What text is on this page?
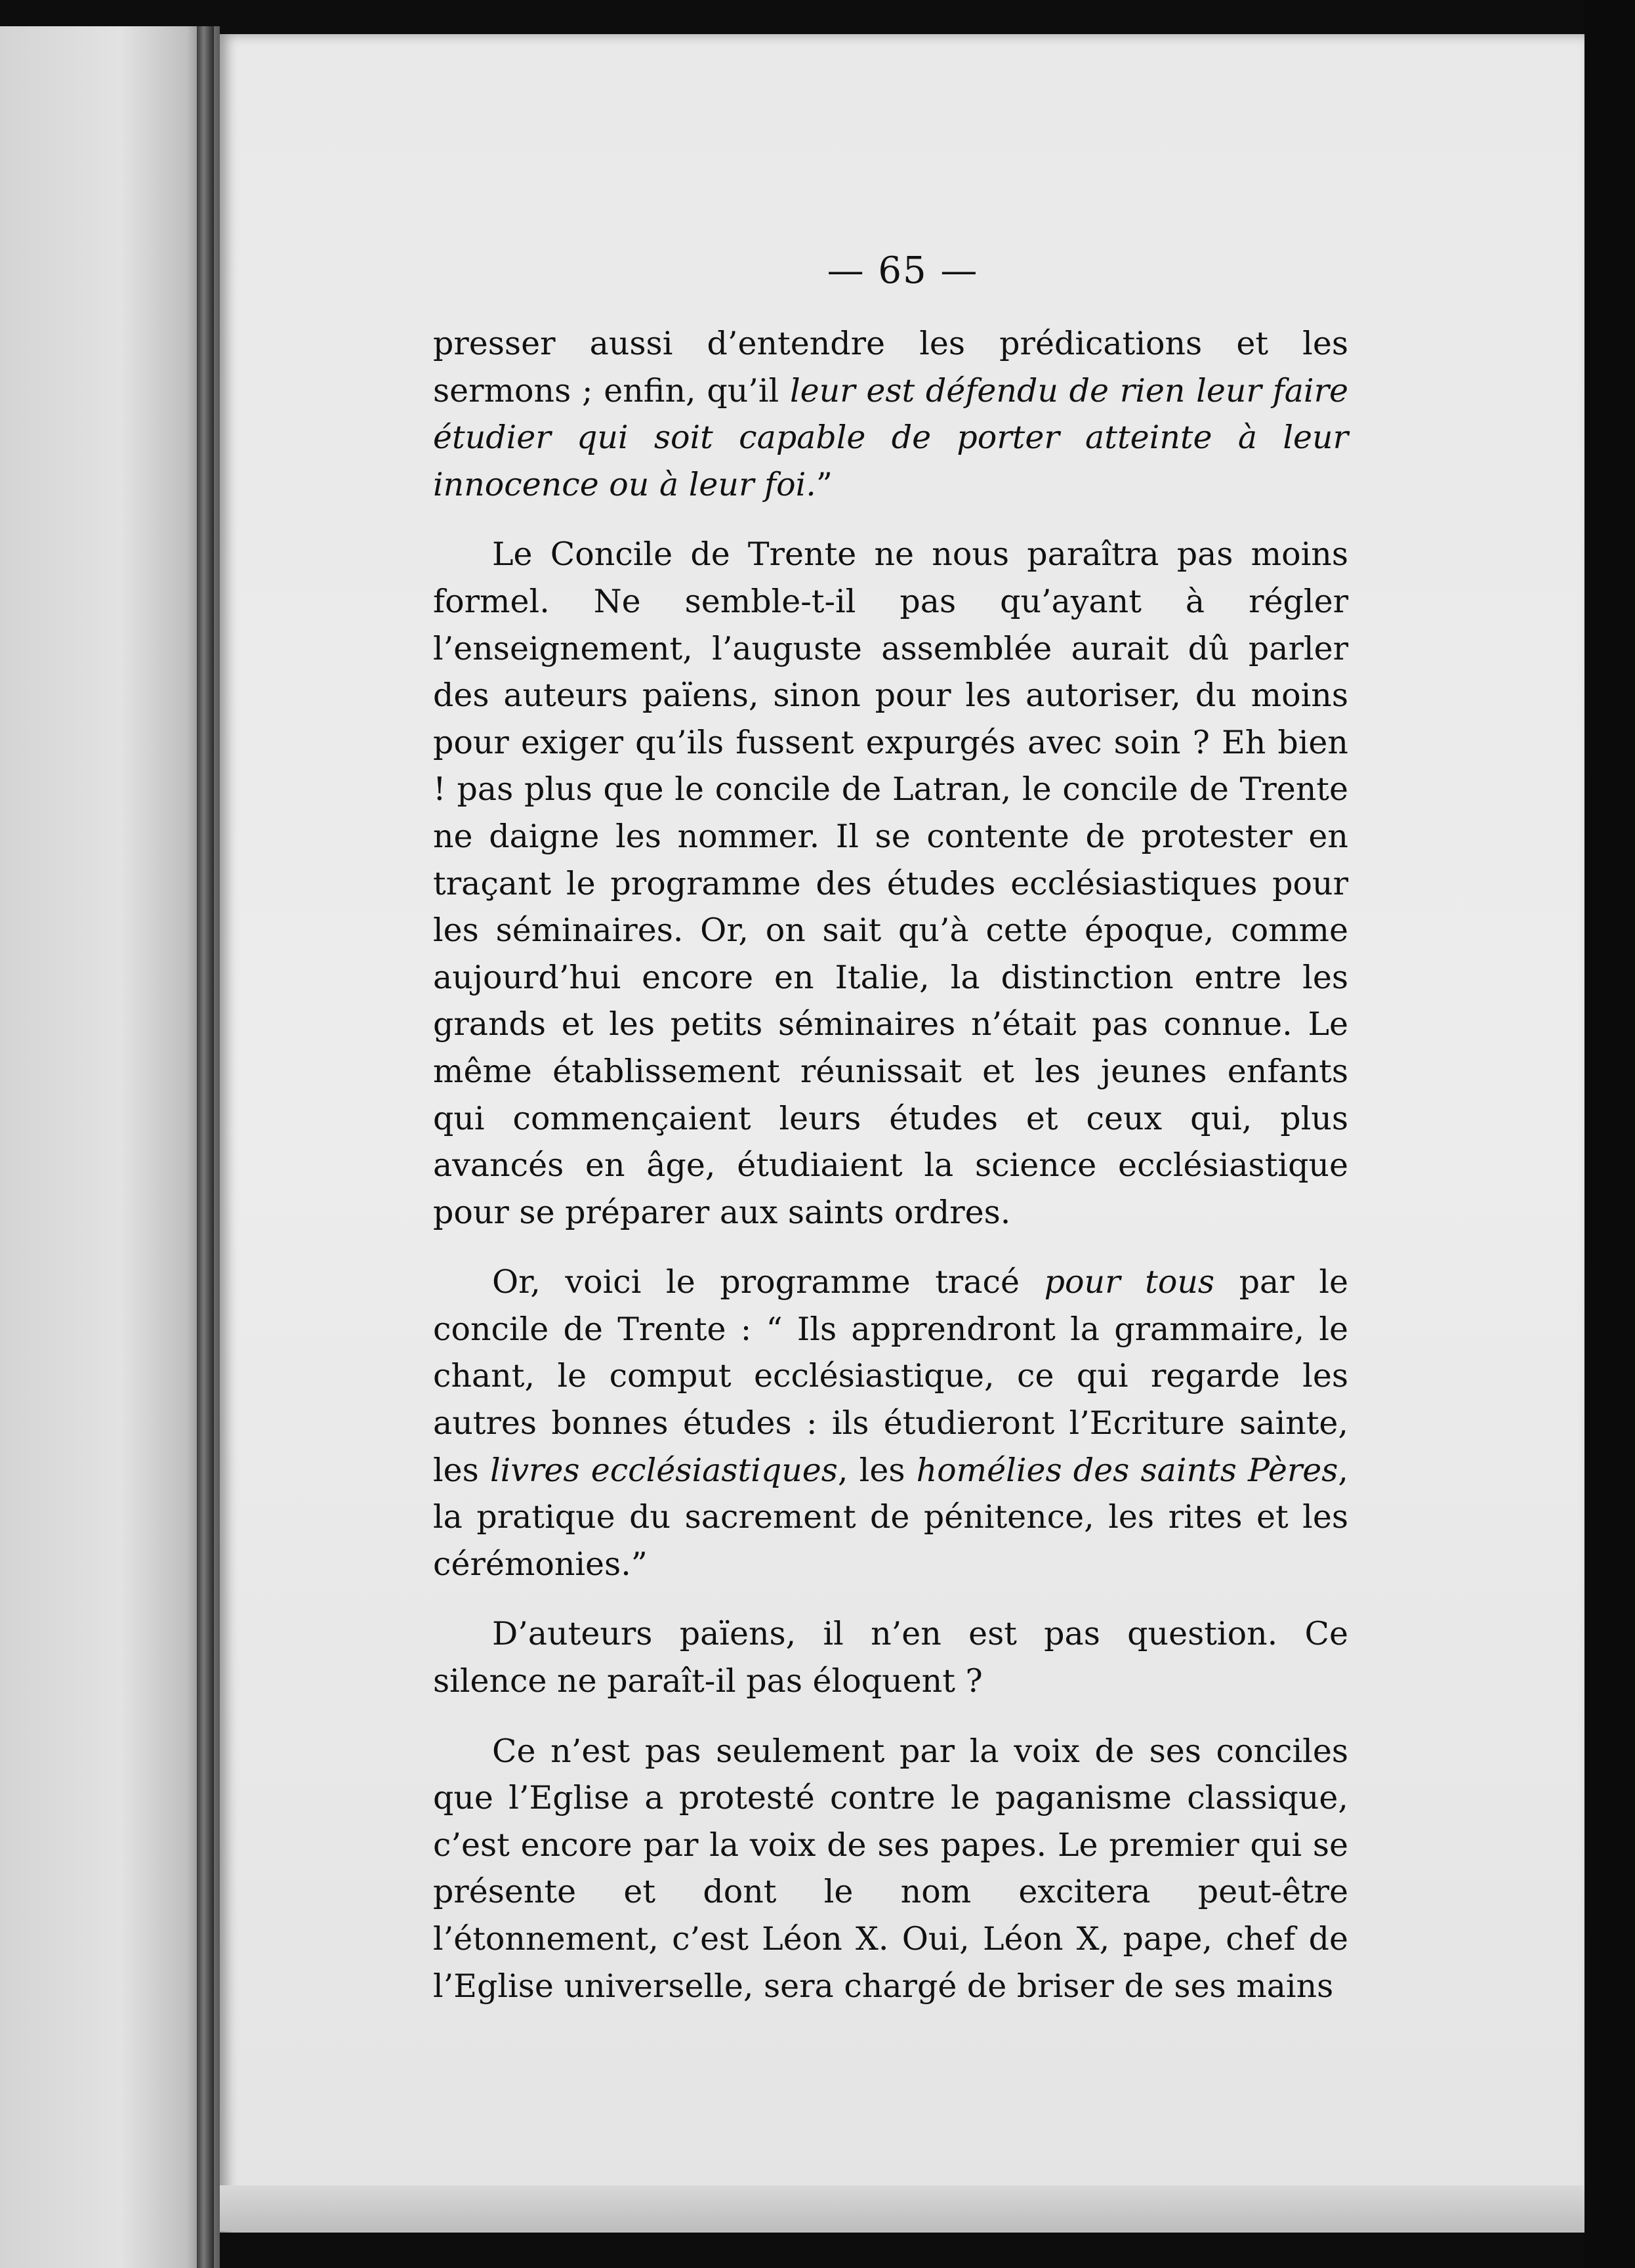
— 65 —

presser aussi d’entendre les prédications et les sermons ; enfin, qu’il leur est défendu de rien leur faire étudier qui soit capable de porter atteinte à leur innocence ou à leur foi.”

Le Concile de Trente ne nous paraîtra pas moins formel. Ne semble-t-il pas qu’ayant à régler l’enseignement, l’auguste assemblée aurait dû parler des auteurs païens, sinon pour les autoriser, du moins pour exiger qu’ils fussent expurgés avec soin ? Eh bien ! pas plus que le concile de Latran, le concile de Trente ne daigne les nommer. Il se contente de protester en traçant le programme des études ecclésiastiques pour les séminaires. Or, on sait qu’à cette époque, comme aujourd’hui encore en Italie, la distinction entre les grands et les petits séminaires n’était pas connue. Le même établissement réunissait et les jeunes enfants qui commençaient leurs études et ceux qui, plus avancés en âge, étudiaient la science ecclésiastique pour se préparer aux saints ordres.

Or, voici le programme tracé pour tous par le concile de Trente : “ Ils apprendront la grammaire, le chant, le comput ecclésiastique, ce qui regarde les autres bonnes études : ils étudieront l’Ecriture sainte, les livres ecclésiastiques, les homélies des saints Pères, la pratique du sacrement de pénitence, les rites et les cérémonies.”

D’auteurs païens, il n’en est pas question. Ce silence ne paraît-il pas éloquent ?

Ce n’est pas seulement par la voix de ses conciles que l’Eglise a protesté contre le paganisme classique, c’est encore par la voix de ses papes. Le premier qui se présente et dont le nom excitera peut-être l’étonnement, c’est Léon X. Oui, Léon X, pape, chef de l’Eglise universelle, sera chargé de briser de ses mains
